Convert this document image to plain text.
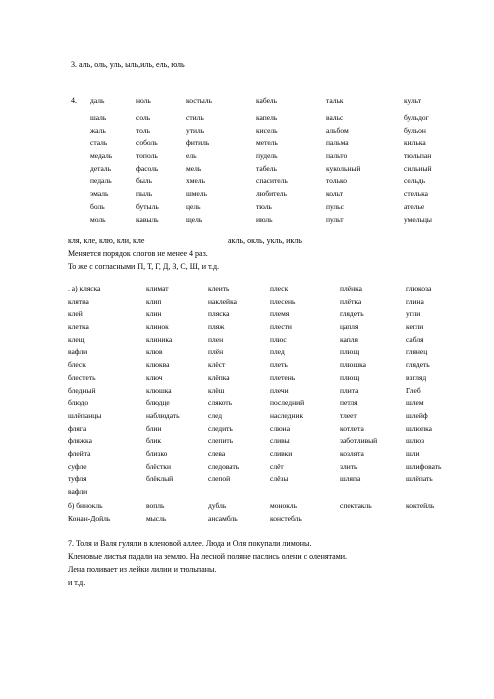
3. аль, оль, уль, ыль,иль, ель, юль
4. даль	ноль	костыль	кабель	тальк	культ
шаль	соль	стиль	капель	вальс	бульдог
жаль	толь	утиль	кисель	альбом	бульон
сталь	соболь	фитиль	метель	пальма	килька
медаль	тополь	ель	пудель	пальто	тюльпан
деталь	фасоль	мель	табель	кукольный	сильный
педаль	быль	хмель	спаситель	только	сельдь
эмаль	пыль	шмель	любитель	кольт	стелька
боль	бутыль	цель	тюль	пульс	ателье
моль	кавыль	щель	июль	пульт	умельцы
кля, кле, клю, кли, кле	акль, окль, укль, икль
Меняется порядок слогов не менее 4 раз.
То же с согласными П, Т, Г, Д, З, С, Ш, и т.д.
. а) кляска	климат	клеить	плеск	плёнка	глюкоза
клятва	клип	наклейка	плесень	плётка	глина
клей	клин	пляска	племя	глядеть	угли
клетка	клинок	пляж	плести	цапля	кегли
клещ	клиника	плен	плюс	капля	сабля
вафли	клюв	плён	плед	плющ	глянец
блеск	клюква	клёст	плеть	плюшка	глядеть
блестеть	ключ	клёпка	плетень	плющ	взгляд
бледный	клюшка	клёш	плечи	плита	Глеб
блюдо	блюдце	слякоть	последний	петля	шлем
шлёпанцы	наблюдать	след	наследник	тлеет	шлейф
фляга	блин	следить	слюна	котлета	шлюпка
фляжка	блик	слепить	сливы	заботливый	шлюз
флейта	близко	слева	сливки	козлята	шли
суфле	блёстки	следовать	слёт	злить	шлифовать
туфля	блёклый	слепой	слёзы	шляпа	шлёпать
вафли
б) бинокль	вопль	дубль	монокль	спектакль	коктейль
Конан-Дойль	мысль	ансамбль	констебль
7. Толя и Валя гуляли в кленовой аллее. Люда и Оля покупали лимоны.
Кленовые листья падали на землю. На лесной поляне паслись олени с оленятами.
Лена поливает из лейки лилии и тюльпаны.
и т.д.
